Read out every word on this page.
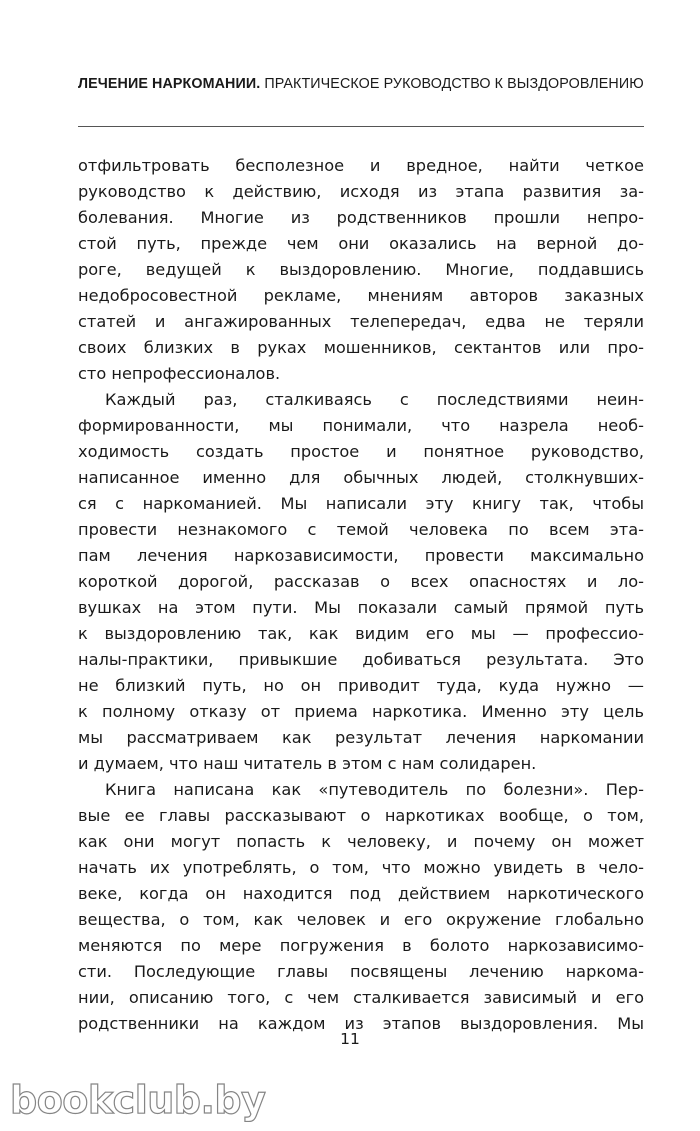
ЛЕЧЕНИЕ НАРКОМАНИИ. ПРАКТИЧЕСКОЕ РУКОВОДСТВО К ВЫЗДОРОВЛЕНИЮ
отфильтровать бесполезное и вредное, найти четкое
руководство к действию, исходя из этапа развития за-
болевания. Многие из родственников прошли непро-
стой путь, прежде чем они оказались на верной до-
роге, ведущей к выздоровлению. Многие, поддавшись
недобросовестной рекламе, мнениям авторов заказных
статей и ангажированных телепередач, едва не теряли
своих близких в руках мошенников, сектантов или про-
сто непрофессионалов.
Каждый раз, сталкиваясь с последствиями неин-
формированности, мы понимали, что назрела необ-
ходимость создать простое и понятное руководство,
написанное именно для обычных людей, столкнувших-
ся с наркоманией. Мы написали эту книгу так, чтобы
провести незнакомого с темой человека по всем эта-
пам лечения наркозависимости, провести максимально
короткой дорогой, рассказав о всех опасностях и ло-
вушках на этом пути. Мы показали самый прямой путь
к выздоровлению так, как видим его мы — профессио-
налы-практики, привыкшие добиваться результата. Это
не близкий путь, но он приводит туда, куда нужно —
к полному отказу от приема наркотика. Именно эту цель
мы рассматриваем как результат лечения наркомании
и думаем, что наш читатель в этом с нам солидарен.
Книга написана как «путеводитель по болезни». Пер-
вые ее главы рассказывают о наркотиках вообще, о том,
как они могут попасть к человеку, и почему он может
начать их употреблять, о том, что можно увидеть в чело-
веке, когда он находится под действием наркотического
вещества, о том, как человек и его окружение глобально
меняются по мере погружения в болото наркозависимо-
сти. Последующие главы посвящены лечению наркома-
нии, описанию того, с чем сталкивается зависимый и его
родственники на каждом из этапов выздоровления. Мы
11
bookclub.by
